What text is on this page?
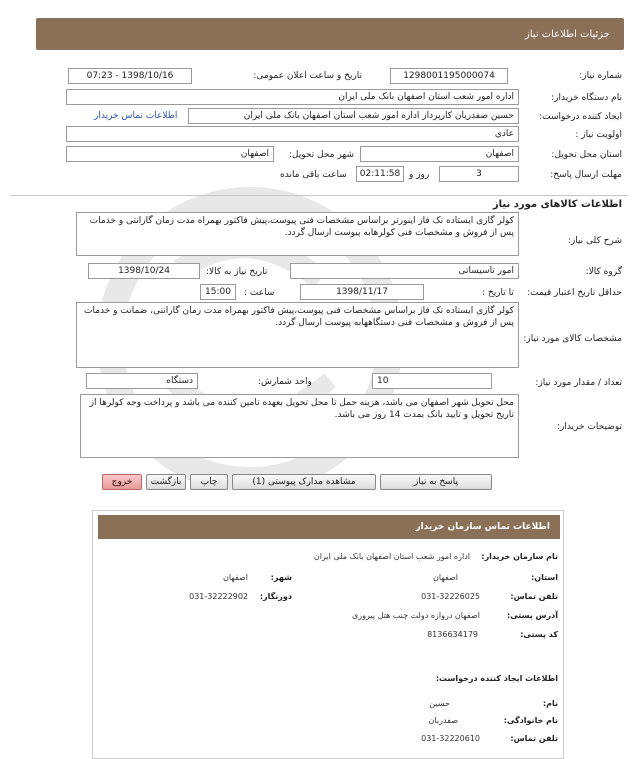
جزئیات اطلاعات نیاز
شماره نیاز:
1298001195000074
تاریخ و ساعت اعلان عمومی:
1398/10/16 - 07:23
نام دستگاه خریدار:
اداره امور شعب استان اصفهان بانک ملی ایران
ایجاد کننده درخواست:
حسین صفدریان کارپرداز اداره امور شعب استان اصفهان بانک ملی ایران
اطلاعات تماس خریدار
اولویت نیاز :
عادي
استان محل تحویل:
اصفهان
شهر محل تحویل:
اصفهان
مهلت ارسال پاسخ:
3
روز و
02:11:58
ساعت باقی مانده
اطلاعات کالاهای مورد نیاز
شرح کلی نیاز:
کولر گازی ایستاده تک فاز اینورتر براساس مشخصات فنی پیوست،پیش فاکتور بهمراه مدت زمان گارانتی و خدمات پس از فروش و مشخصات فنی کولرهابه پیوست ارسال گردد.
گروه کالا:
امور تاسیساتی
تاریخ نیاز به کالا:
1398/10/24
حداقل تاریخ اعتبار قیمت:
تا تاریخ :
1398/11/17
ساعت :
15:00
مشخصات کالای مورد نیاز:
کولر گازی ایستاده تک فاز براساس مشخصات فنی پیوست،پیش فاکتور بهمراه مدت زمان گارانتی، ضمانت و خدمات پس از فروش و مشخصات فنی دستگاههابه پیوست ارسال گردد.
تعداد / مقدار مورد نیاز:
10
واحد شمارش:
دستگاه
توضیحات خریدار:
محل تحویل شهر اصفهان می باشد، هزینه حمل تا محل تحویل بعهده تامین کننده می باشد و پرداخت وجه کولرها از تاریخ تحویل و تایید بانک بمدت 14 روز می باشد.
پاسخ به نیاز
مشاهده مدارک پیوستی (1)
چاپ
بازگشت
خروج
اطلاعات تماس سازمان خریدار
نام سازمان خریدار:
اداره امور شعب استان اصفهان بانک ملی ایران
استان:
اصفهان
شهر:
اصفهان
تلفن تماس:
031-32226025
دورنگار:
031-32222902
آدرس پستی:
اصفهان دروازه دولت چنب هتل پیروزی
کد پستی:
8136634179
اطلاعات ایجاد کننده درخواست:
نام:
حسین
نام خانوادگی:
صفدریان
تلفن تماس:
031-32220610
